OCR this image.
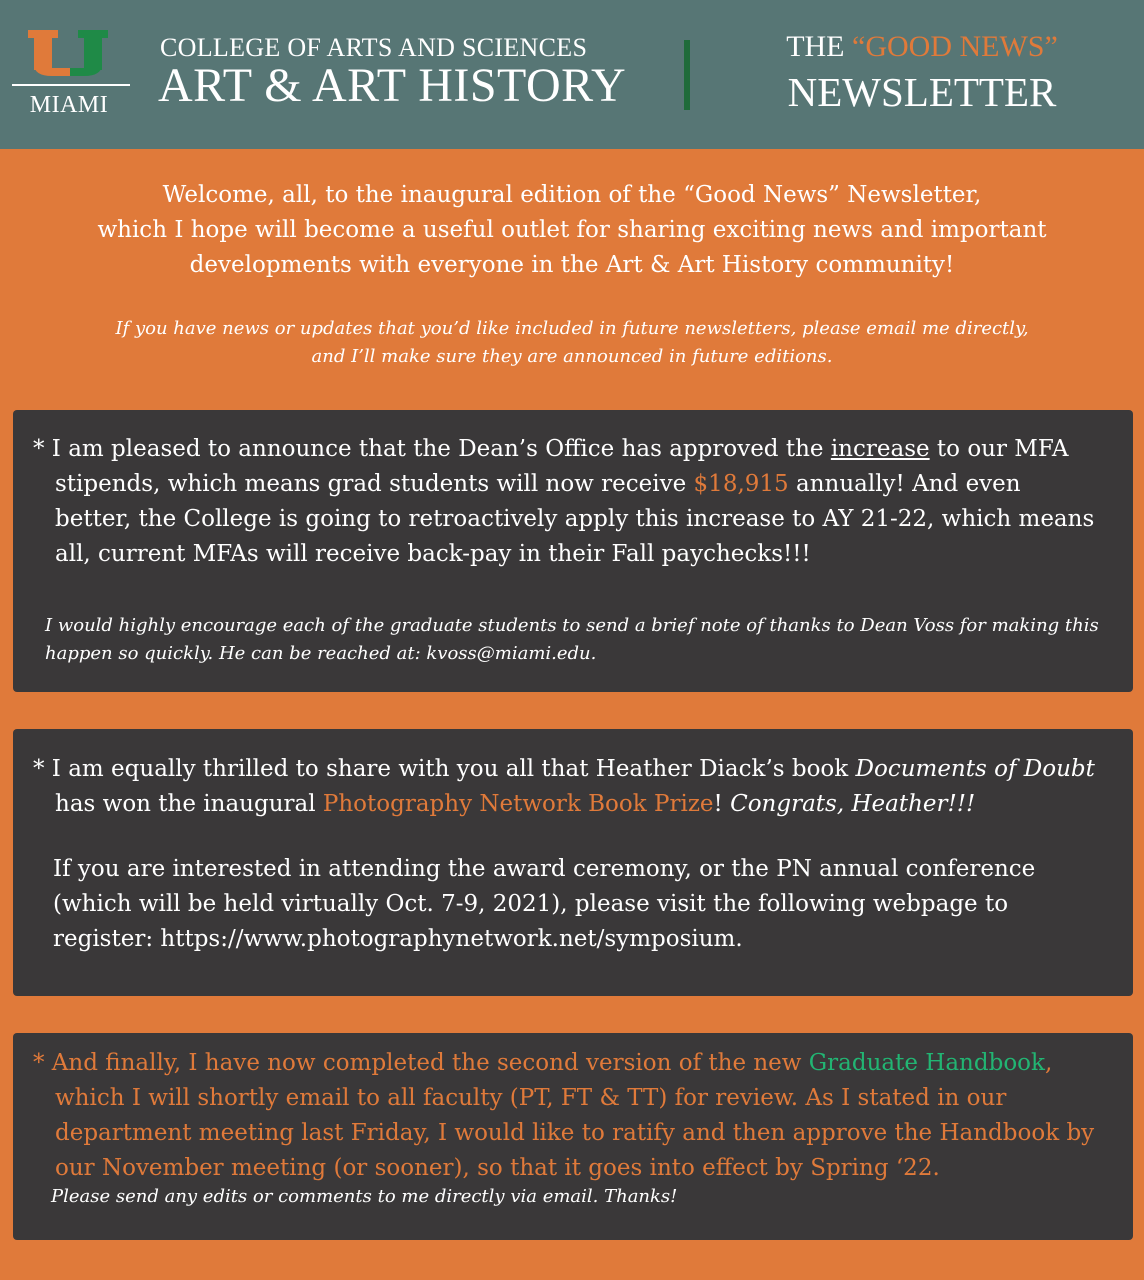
MIAMI
COLLEGE OF ARTS AND SCIENCES
ART & ART HISTORY
THE “GOOD NEWS”
NEWSLETTER
Welcome, all, to the inaugural edition of the “Good News” Newsletter,
which I hope will become a useful outlet for sharing exciting news and important
developments with everyone in the Art & Art History community!
If you have news or updates that you’d like included in future newsletters, please email me directly,
and I’ll make sure they are announced in future editions.
* I am pleased to announce that the Dean’s Office has approved the increase to our MFA stipends, which means grad students will now receive $18,915 annually! And even better, the College is going to retroactively apply this increase to AY 21-22, which means all, current MFAs will receive back-pay in their Fall paychecks!!!
I would highly encourage each of the graduate students to send a brief note of thanks to Dean Voss for making this happen so quickly. He can be reached at: kvoss@miami.edu.
* I am equally thrilled to share with you all that Heather Diack’s book Documents of Doubt has won the inaugural Photography Network Book Prize! Congrats, Heather!!!
If you are interested in attending the award ceremony, or the PN annual conference (which will be held virtually Oct. 7-9, 2021), please visit the following webpage to register: https://www.photographynetwork.net/symposium.
* And finally, I have now completed the second version of the new Graduate Handbook, which I will shortly email to all faculty (PT, FT & TT) for review. As I stated in our department meeting last Friday, I would like to ratify and then approve the Handbook by our November meeting (or sooner), so that it goes into effect by Spring ‘22.
Please send any edits or comments to me directly via email. Thanks!
